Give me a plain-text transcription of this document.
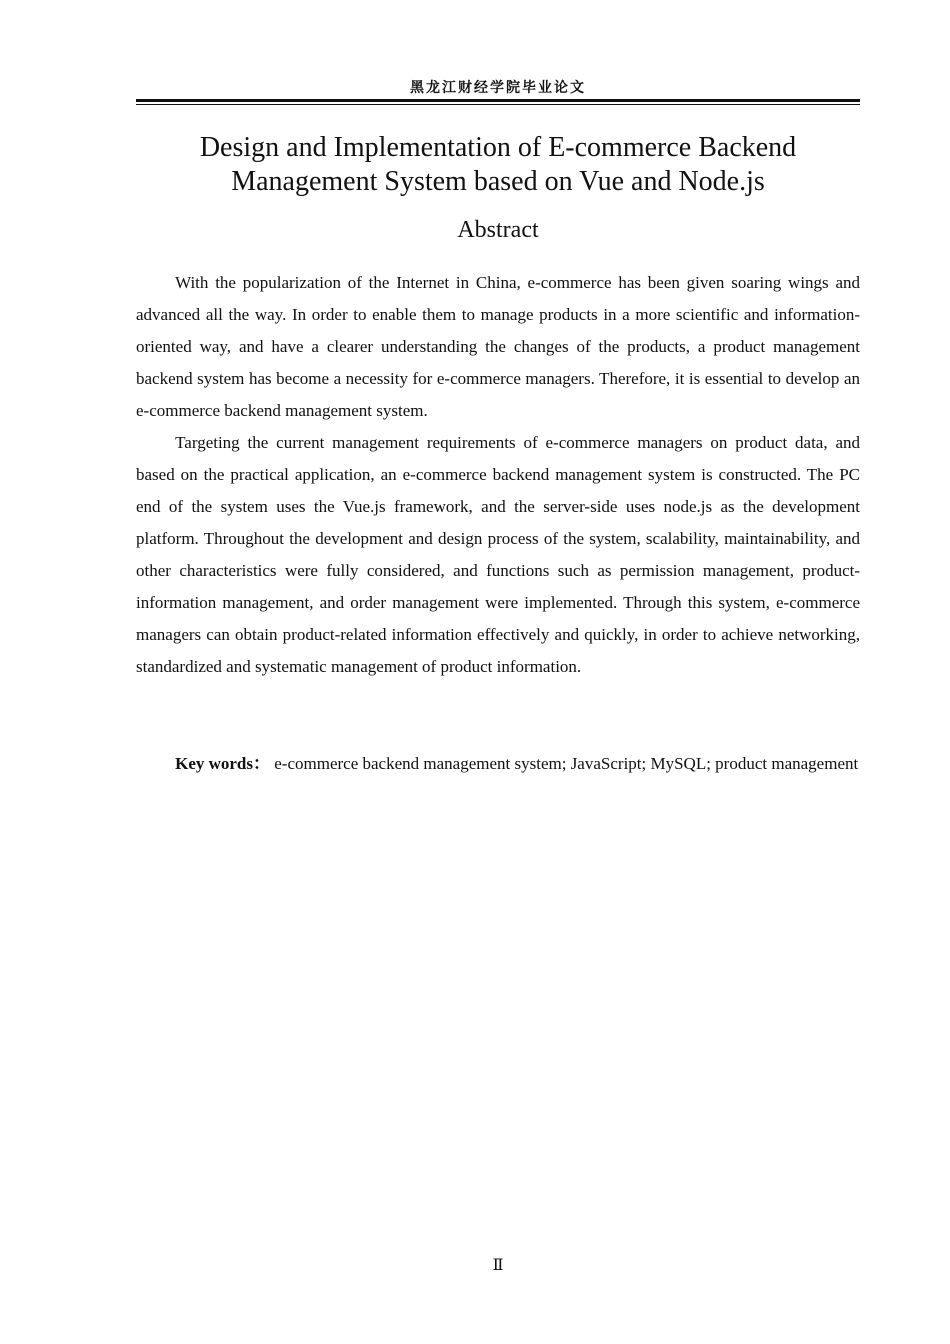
黑龙江财经学院毕业论文
Design and Implementation of E-commerce Backend
Management System based on Vue and Node.js
Abstract

With the popularization of the Internet in China, e-commerce has been given soaring wings and advanced all the way. In order to enable them to manage products in a more scientific and information-oriented way, and have a clearer understanding the changes of the products, a product management backend system has become a necessity for e-commerce managers. Therefore, it is essential to develop an e-commerce backend management system.

Targeting the current management requirements of e-commerce managers on product data, and based on the practical application, an e-commerce backend management system is constructed. The PC end of the system uses the Vue.js framework, and the server-side uses node.js as the development platform. Throughout the development and design process of the system, scalability, maintainability, and other characteristics were fully considered, and functions such as permission management, product-information management, and order management were implemented. Through this system, e-commerce managers can obtain product-related information effectively and quickly, in order to achieve networking, standardized and systematic management of product information.

Key words： e-commerce backend management system; JavaScript; MySQL; product management

Ⅱ
